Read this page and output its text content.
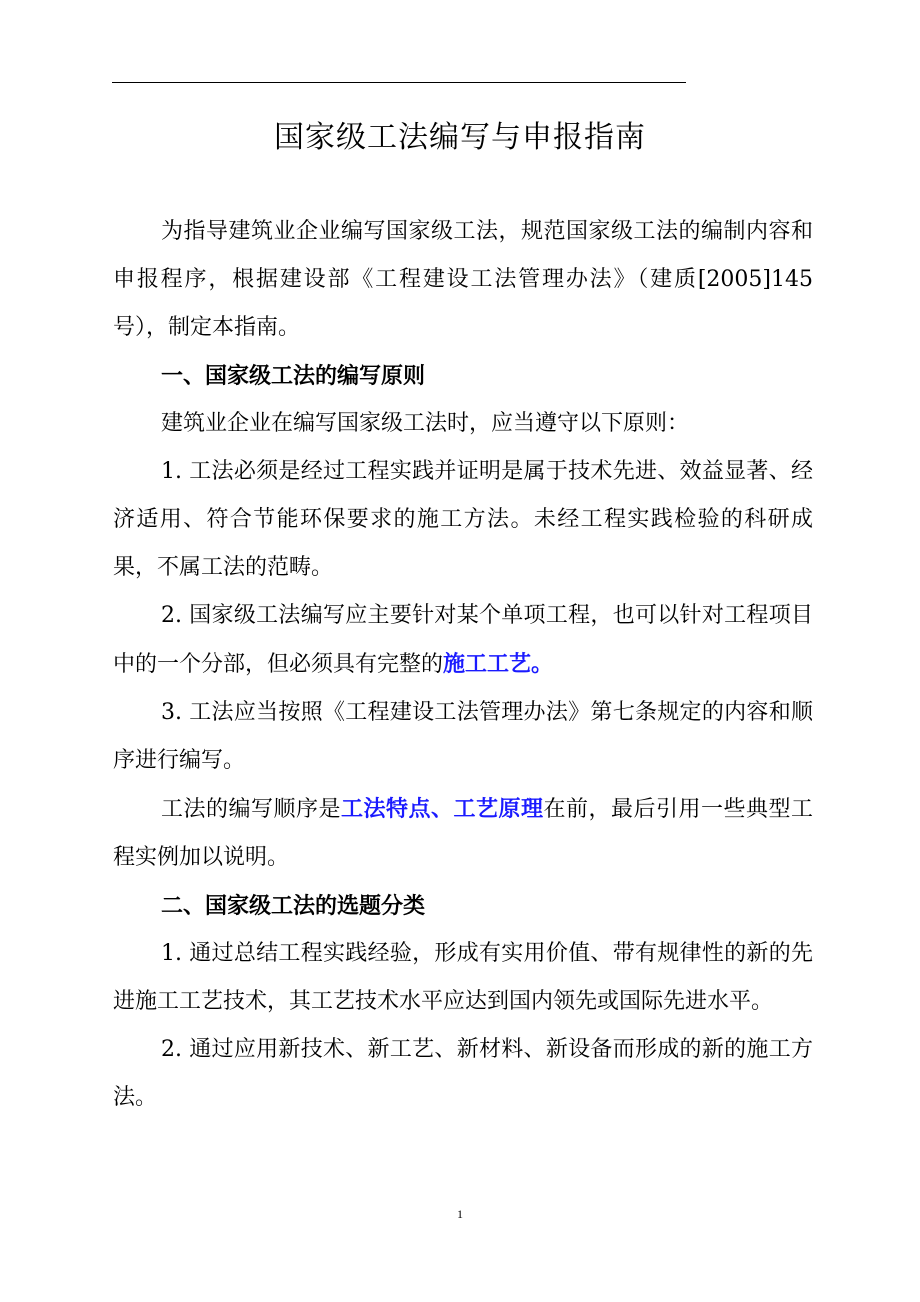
国家级工法编写与申报指南

为指导建筑业企业编写国家级工法，规范国家级工法的编制内容和申报程序，根据建设部《工程建设工法管理办法》（建质[2005]145号），制定本指南。

一、国家级工法的编写原则

建筑业企业在编写国家级工法时，应当遵守以下原则：

1. 工法必须是经过工程实践并证明是属于技术先进、效益显著、经济适用、符合节能环保要求的施工方法。未经工程实践检验的科研成果，不属工法的范畴。

2. 国家级工法编写应主要针对某个单项工程，也可以针对工程项目中的一个分部，但必须具有完整的施工工艺。

3. 工法应当按照《工程建设工法管理办法》第七条规定的内容和顺序进行编写。

工法的编写顺序是工法特点、工艺原理在前，最后引用一些典型工程实例加以说明。

二、国家级工法的选题分类

1. 通过总结工程实践经验，形成有实用价值、带有规律性的新的先进施工工艺技术，其工艺技术水平应达到国内领先或国际先进水平。

2. 通过应用新技术、新工艺、新材料、新设备而形成的新的施工方法。

1
